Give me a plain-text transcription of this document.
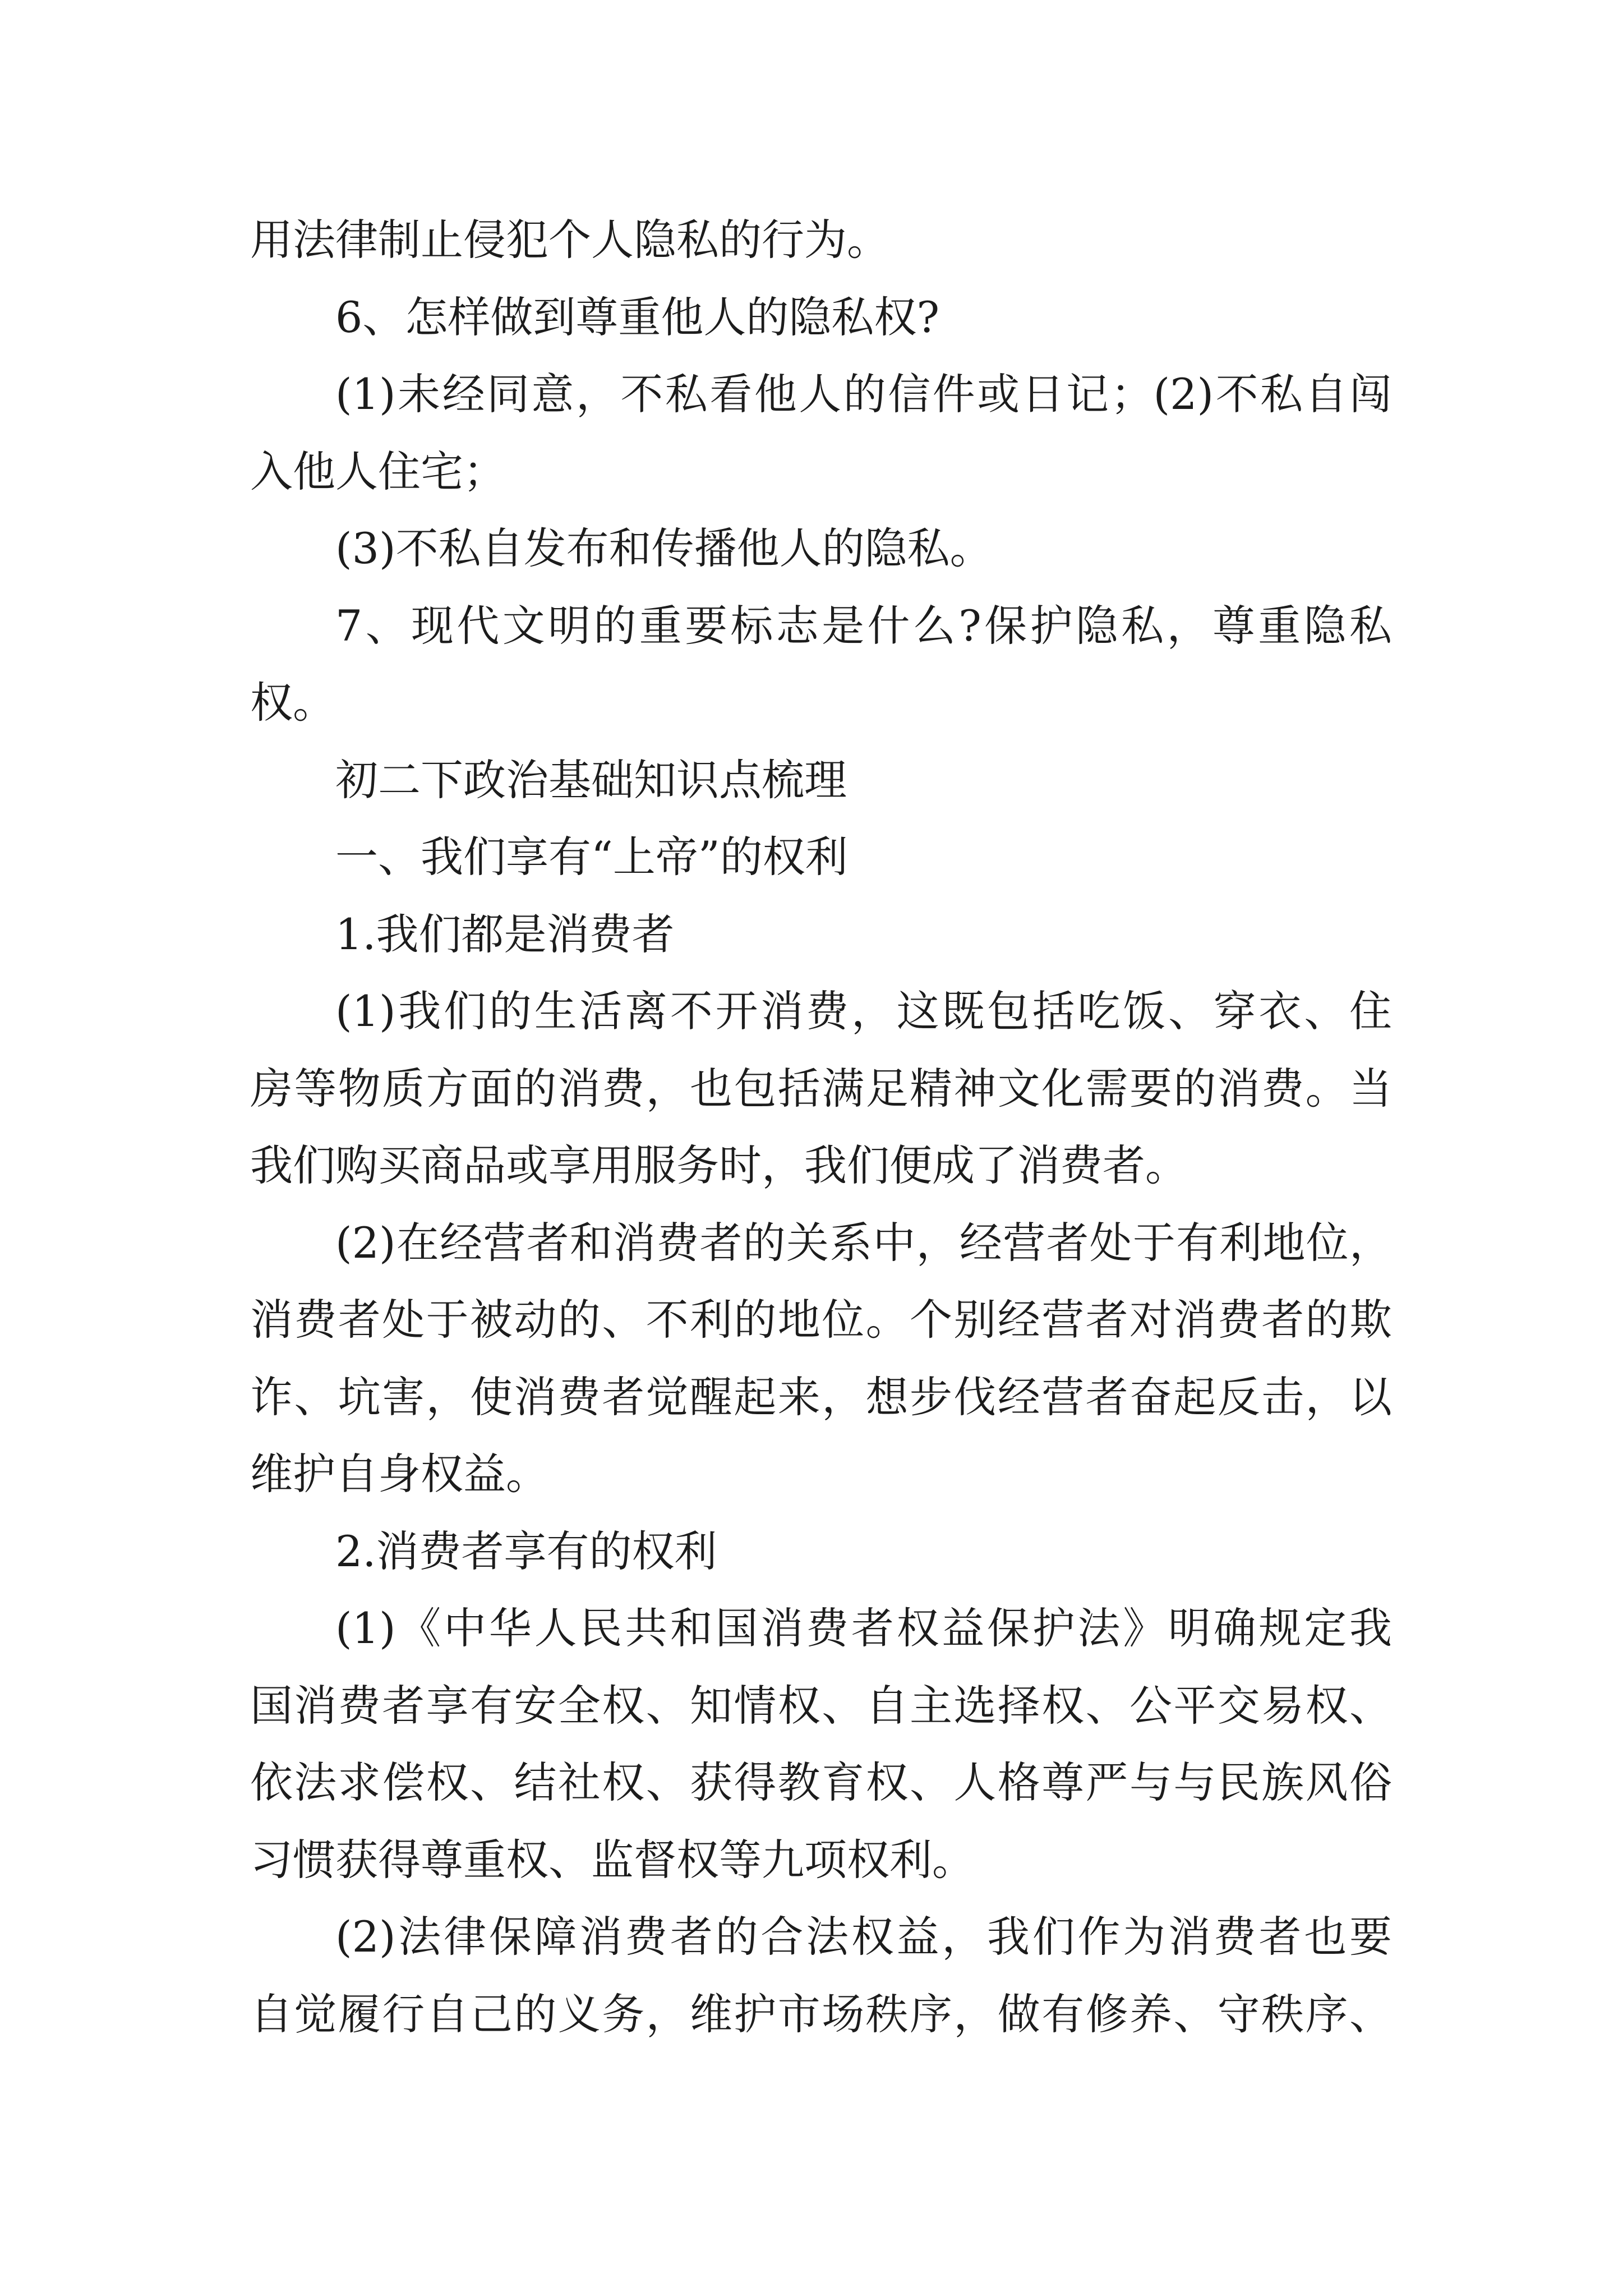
用法律制止侵犯个人隐私的行为。
6、怎样做到尊重他人的隐私权?
(1)未经同意，不私看他人的信件或日记；(2)不私自闯
入他人住宅；
(3)不私自发布和传播他人的隐私。
7、现代文明的重要标志是什么?保护隐私，尊重隐私
权。
初二下政治基础知识点梳理
一、我们享有“上帝”的权利
1.我们都是消费者
(1)我们的生活离不开消费，这既包括吃饭、穿衣、住
房等物质方面的消费，也包括满足精神文化需要的消费。当
我们购买商品或享用服务时，我们便成了消费者。
(2)在经营者和消费者的关系中，经营者处于有利地位，
消费者处于被动的、不利的地位。个别经营者对消费者的欺
诈、坑害，使消费者觉醒起来，想步伐经营者奋起反击，以
维护自身权益。
2.消费者享有的权利
(1)《中华人民共和国消费者权益保护法》明确规定我
国消费者享有安全权、知情权、自主选择权、公平交易权、
依法求偿权、结社权、获得教育权、人格尊严与与民族风俗
习惯获得尊重权、监督权等九项权利。
(2)法律保障消费者的合法权益，我们作为消费者也要
自觉履行自己的义务，维护市场秩序，做有修养、守秩序、
